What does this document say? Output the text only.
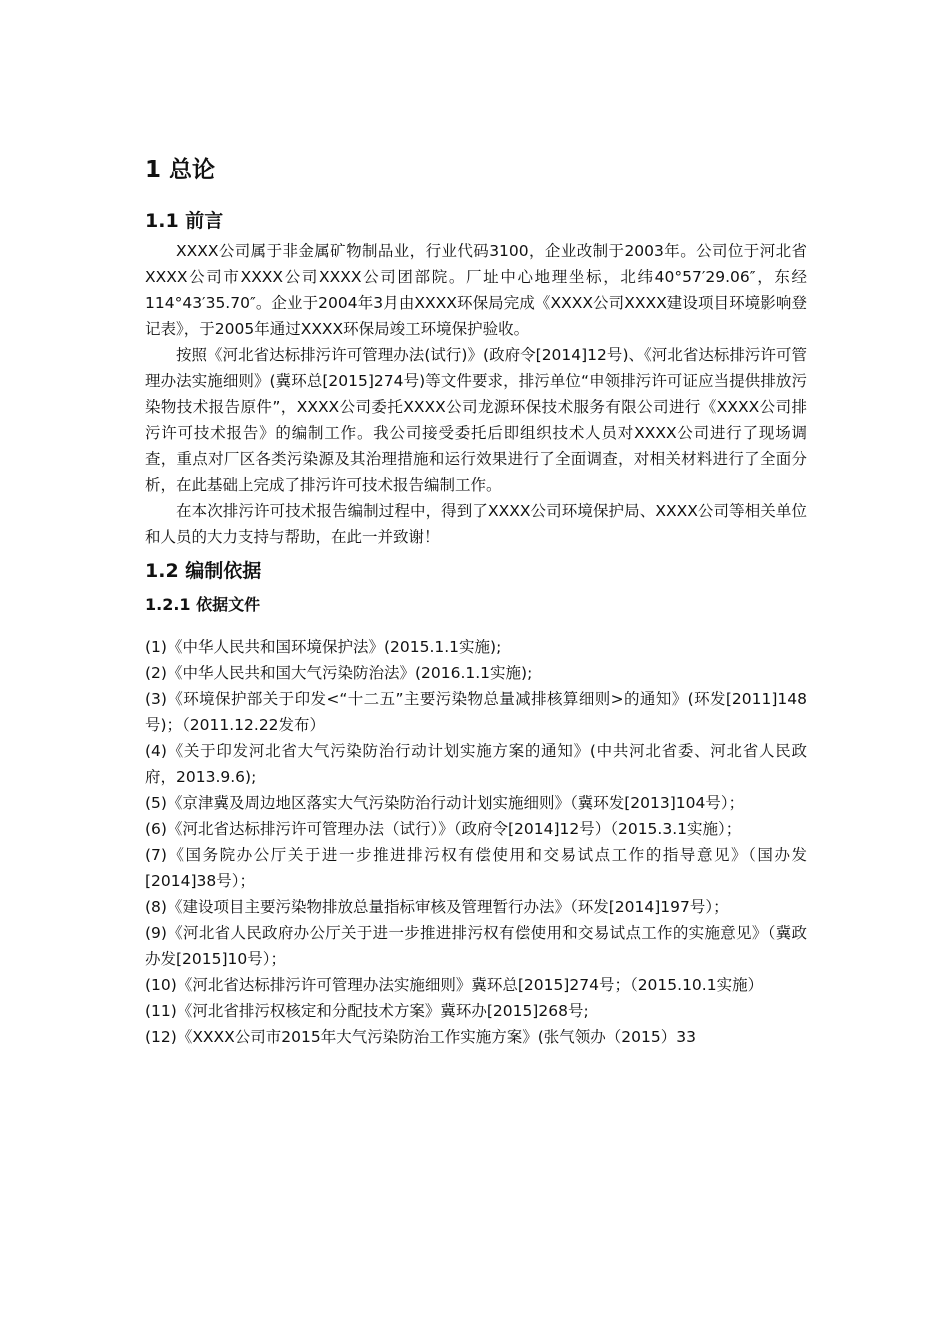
1 总论
1.1 前言

XXXX公司属于非金属矿物制品业，行业代码3100，企业改制于2003年。公司位于河北省XXXX公司市XXXX公司XXXX公司团部院。厂址中心地理坐标，北纬40°57′29.06″，东经114°43′35.70″。企业于2004年3月由XXXX环保局完成《XXXX公司XXXX建设项目环境影响登记表》，于2005年通过XXXX环保局竣工环境保护验收。

按照《河北省达标排污许可管理办法(试行)》(政府令[2014]12号)、《河北省达标排污许可管理办法实施细则》(冀环总[2015]274号)等文件要求，排污单位“申领排污许可证应当提供排放污染物技术报告原件”，XXXX公司委托XXXX公司龙源环保技术服务有限公司进行《XXXX公司排污许可技术报告》的编制工作。我公司接受委托后即组织技术人员对XXXX公司进行了现场调查，重点对厂区各类污染源及其治理措施和运行效果进行了全面调查，对相关材料进行了全面分析，在此基础上完成了排污许可技术报告编制工作。

在本次排污许可技术报告编制过程中，得到了XXXX公司环境保护局、XXXX公司等相关单位和人员的大力支持与帮助，在此一并致谢！

1.2 编制依据
1.2.1 依据文件
(1)《中华人民共和国环境保护法》(2015.1.1实施);
(2)《中华人民共和国大气污染防治法》(2016.1.1实施);
(3)《环境保护部关于印发<“十二五”主要污染物总量减排核算细则>的通知》(环发[2011]148号)；（2011.12.22发布）
(4)《关于印发河北省大气污染防治行动计划实施方案的通知》(中共河北省委、河北省人民政府，2013.9.6);
(5)《京津冀及周边地区落实大气污染防治行动计划实施细则》（冀环发[2013]104号）；
(6)《河北省达标排污许可管理办法（试行）》（政府令[2014]12号）（2015.3.1实施）；
(7)《国务院办公厅关于进一步推进排污权有偿使用和交易试点工作的指导意见》（国办发[2014]38号）；
(8)《建设项目主要污染物排放总量指标审核及管理暂行办法》（环发[2014]197号）；
(9)《河北省人民政府办公厅关于进一步推进排污权有偿使用和交易试点工作的实施意见》（冀政办发[2015]10号）；
(10)《河北省达标排污许可管理办法实施细则》冀环总[2015]274号；（2015.10.1实施）
(11)《河北省排污权核定和分配技术方案》冀环办[2015]268号;
(12)《XXXX公司市2015年大气污染防治工作实施方案》(张气领办（2015）33
